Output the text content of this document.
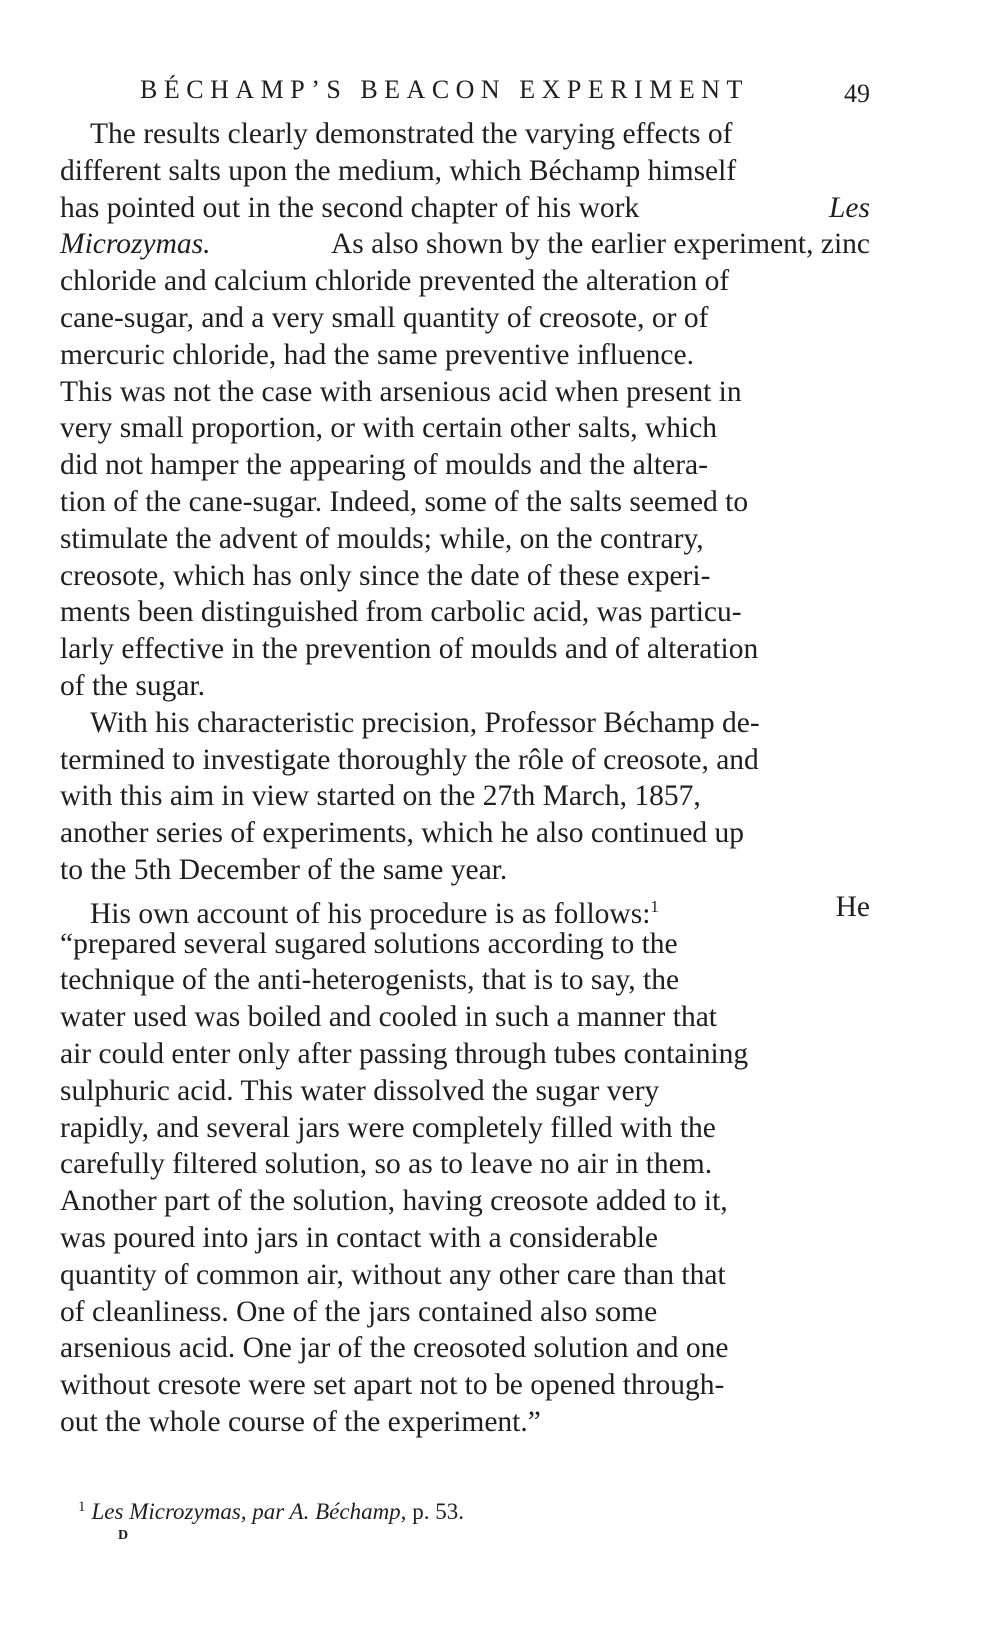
BÉCHAMP’S BEACON EXPERIMENT	49
The results clearly demonstrated the varying effects of
different salts upon the medium, which Béchamp himself
has pointed out in the second chapter of his work	Les
Microzymas.	As also shown by the earlier experiment, zinc
chloride and calcium chloride prevented the alteration of
cane-sugar, and a very small quantity of creosote, or of
mercuric chloride, had the same preventive influence.
This was not the case with arsenious acid when present in
very small proportion, or with certain other salts, which
did not hamper the appearing of moulds and the altera-
tion of the cane-sugar. Indeed, some of the salts seemed to
stimulate the advent of moulds; while, on the contrary,
creosote, which has only since the date of these experi-
ments been distinguished from carbolic acid, was particu-
larly effective in the prevention of moulds and of alteration
of the sugar.
With his characteristic precision, Professor Béchamp de-
termined to investigate thoroughly the rôle of creosote, and
with this aim in view started on the 27th March, 1857,
another series of experiments, which he also continued up
to the 5th December of the same year.
His own account of his procedure is as follows:1	He
“prepared several sugared solutions according to the
technique of the anti-heterogenists, that is to say, the
water used was boiled and cooled in such a manner that
air could enter only after passing through tubes containing
sulphuric acid. This water dissolved the sugar very
rapidly, and several jars were completely filled with the
carefully filtered solution, so as to leave no air in them.
Another part of the solution, having creosote added to it,
was poured into jars in contact with a considerable
quantity of common air, without any other care than that
of cleanliness. One of the jars contained also some
arsenious acid. One jar of the creosoted solution and one
without cresote were set apart not to be opened through-
out the whole course of the experiment.”
$^1$ Les Microzymas, par A. Béchamp, p. 53.
D
